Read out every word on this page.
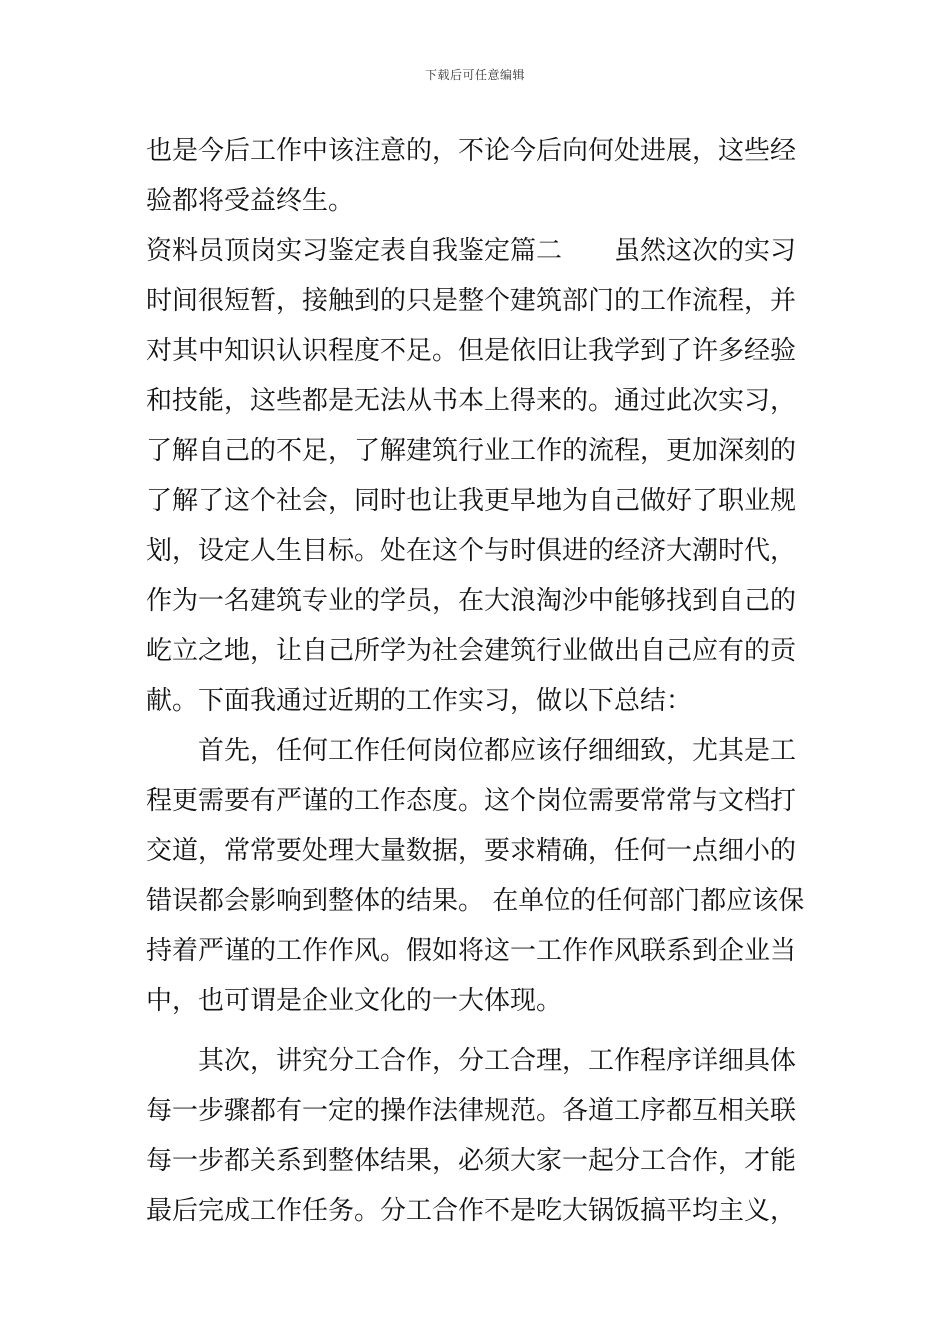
下载后可任意编辑
也是今后工作中该注意的，不论今后向何处进展，这些经
验都将受益终生。
资料员顶岗实习鉴定表自我鉴定篇二　　虽然这次的实习
时间很短暂，接触到的只是整个建筑部门的工作流程，并
对其中知识认识程度不足。但是依旧让我学到了许多经验
和技能，这些都是无法从书本上得来的。通过此次实习，
了解自己的不足，了解建筑行业工作的流程，更加深刻的
了解了这个社会，同时也让我更早地为自己做好了职业规
划，设定人生目标。处在这个与时俱进的经济大潮时代，
作为一名建筑专业的学员，在大浪淘沙中能够找到自己的
屹立之地，让自己所学为社会建筑行业做出自己应有的贡
献。下面我通过近期的工作实习，做以下总结：
　　首先，任何工作任何岗位都应该仔细细致，尤其是工
程更需要有严谨的工作态度。这个岗位需要常常与文档打
交道，常常要处理大量数据，要求精确，任何一点细小的
错误都会影响到整体的结果。 在单位的任何部门都应该保
持着严谨的工作作风。假如将这一工作作风联系到企业当
中，也可谓是企业文化的一大体现。
　　其次，讲究分工合作，分工合理，工作程序详细具体
每一步骤都有一定的操作法律规范。各道工序都互相关联
每一步都关系到整体结果，必须大家一起分工合作，才能
最后完成工作任务。分工合作不是吃大锅饭搞平均主义，
